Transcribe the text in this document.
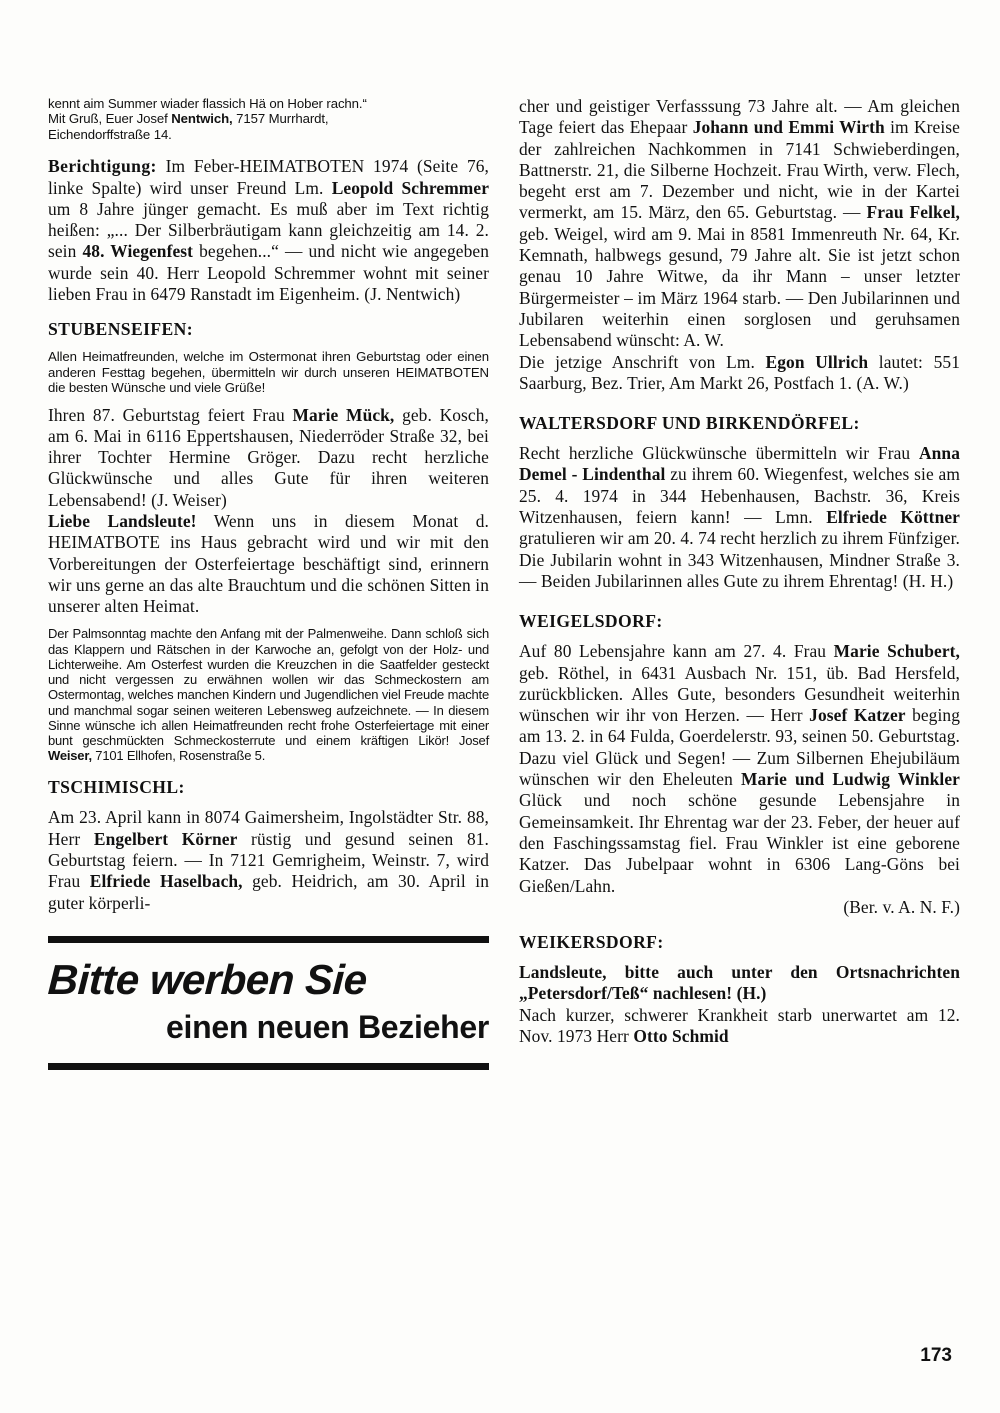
kennt aim Summer wiader flassich Hä on Hober rachn.“
Mit Gruß, Euer Josef Nentwich, 7157 Murrhardt,
Eichendorffstraße 14.

Berichtigung: Im Feber-HEIMATBOTEN 1974 (Seite 76, linke Spalte) wird unser Freund Lm. Leopold Schremmer um 8 Jahre jünger gemacht. Es muß aber im Text richtig heißen: „... Der Silberbräutigam kann gleichzeitig am 14. 2. sein 48. Wiegenfest begehen...“ — und nicht wie angegeben wurde sein 40. Herr Leopold Schremmer wohnt mit seiner lieben Frau in 6479 Ranstadt im Eigenheim. (J. Nentwich)

STUBENSEIFEN:

Allen Heimatfreunden, welche im Ostermonat ihren Geburtstag oder einen anderen Festtag begehen, übermitteln wir durch unseren HEIMATBOTEN die besten Wünsche und viele Grüße!

Ihren 87. Geburtstag feiert Frau Marie Mück, geb. Kosch, am 6. Mai in 6116 Eppertshausen, Niederröder Straße 32, bei ihrer Tochter Hermine Gröger. Dazu recht herzliche Glückwünsche und alles Gute für ihren weiteren Lebensabend! (J. Weiser)

Liebe Landsleute! Wenn uns in diesem Monat d. HEIMATBOTE ins Haus gebracht wird und wir mit den Vorbereitungen der Osterfeiertage beschäftigt sind, erinnern wir uns gerne an das alte Brauchtum und die schönen Sitten in unserer alten Heimat.

Der Palmsonntag machte den Anfang mit der Palmenweihe. Dann schloß sich das Klappern und Rätschen in der Karwoche an, gefolgt von der Holz- und Lichterweihe. Am Osterfest wurden die Kreuzchen in die Saatfelder gesteckt und nicht vergessen zu erwähnen wollen wir das Schmeckostern am Ostermontag, welches manchen Kindern und Jugendlichen viel Freude machte und manchmal sogar seinen weiteren Lebensweg aufzeichnete. — In diesem Sinne wünsche ich allen Heimatfreunden recht frohe Osterfeiertage mit einer bunt geschmückten Schmeckosterrute und einem kräftigen Likör! Josef Weiser, 7101 Ellhofen, Rosenstraße 5.

TSCHIMISCHL:

Am 23. April kann in 8074 Gaimersheim, Ingolstädter Str. 88, Herr Engelbert Körner rüstig und gesund seinen 81. Geburtstag feiern. — In 7121 Gemrigheim, Weinstr. 7, wird Frau Elfriede Haselbach, geb. Heidrich, am 30. April in guter körperli-

Bitte werben Sie
einen neuen Bezieher

cher und geistiger Verfasssung 73 Jahre alt. — Am gleichen Tage feiert das Ehepaar Johann und Emmi Wirth im Kreise der zahlreichen Nachkommen in 7141 Schwieberdingen, Battnerstr. 21, die Silberne Hochzeit. Frau Wirth, verw. Flech, begeht erst am 7. Dezember und nicht, wie in der Kartei vermerkt, am 15. März, den 65. Geburtstag. — Frau Felkel, geb. Weigel, wird am 9. Mai in 8581 Immenreuth Nr. 64, Kr. Kemnath, halbwegs gesund, 79 Jahre alt. Sie ist jetzt schon genau 10 Jahre Witwe, da ihr Mann – unser letzter Bürgermeister – im März 1964 starb. — Den Jubilarinnen und Jubilaren weiterhin einen sorglosen und geruhsamen Lebensabend wünscht: A. W.

Die jetzige Anschrift von Lm. Egon Ullrich lautet: 551 Saarburg, Bez. Trier, Am Markt 26, Postfach 1. (A. W.)

WALTERSDORF UND BIRKENDÖRFEL:

Recht herzliche Glückwünsche übermitteln wir Frau Anna Demel - Lindenthal zu ihrem 60. Wiegenfest, welches sie am 25. 4. 1974 in 344 Hebenhausen, Bachstr. 36, Kreis Witzenhausen, feiern kann! — Lmn. Elfriede Köttner gratulieren wir am 20. 4. 74 recht herzlich zu ihrem Fünfziger. Die Jubilarin wohnt in 343 Witzenhausen, Mindner Straße 3. — Beiden Jubilarinnen alles Gute zu ihrem Ehrentag! (H. H.)

WEIGELSDORF:

Auf 80 Lebensjahre kann am 27. 4. Frau Marie Schubert, geb. Röthel, in 6431 Ausbach Nr. 151, üb. Bad Hersfeld, zurückblicken. Alles Gute, besonders Gesundheit weiterhin wünschen wir ihr von Herzen. — Herr Josef Katzer beging am 13. 2. in 64 Fulda, Goerdelerstr. 93, seinen 50. Geburtstag. Dazu viel Glück und Segen! — Zum Silbernen Ehejubiläum wünschen wir den Eheleuten Marie und Ludwig Winkler Glück und noch schöne gesunde Lebensjahre in Gemeinsamkeit. Ihr Ehrentag war der 23. Feber, der heuer auf den Faschingssamstag fiel. Frau Winkler ist eine geborene Katzer. Das Jubelpaar wohnt in 6306 Lang-Göns bei Gießen/Lahn.

(Ber. v. A. N. F.)

WEIKERSDORF:

Landsleute, bitte auch unter den Ortsnachrichten „Petersdorf/Teß“ nachlesen! (H.)

Nach kurzer, schwerer Krankheit starb unerwartet am 12. Nov. 1973 Herr Otto Schmid

173
